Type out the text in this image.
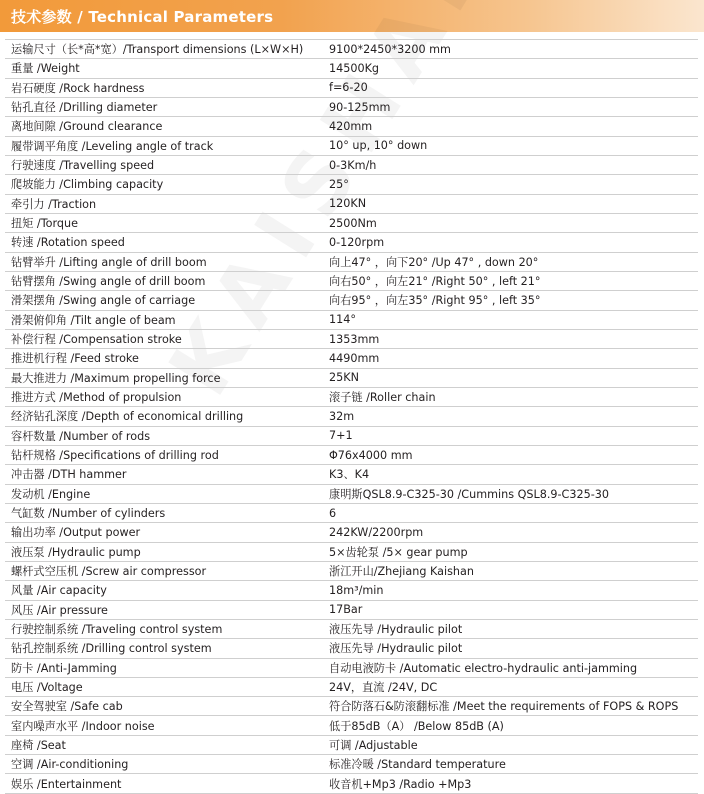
技术参数 / Technical Parameters
运输尺寸（长*高*宽）/Transport dimensions (L×W×H)	9100*2450*3200 mm
重量 /Weight	14500Kg
岩石硬度 /Rock hardness	f=6-20
钻孔直径 /Drilling diameter	90-125mm
离地间隙 /Ground clearance	420mm
履带调平角度 /Leveling angle of track	10° up, 10° down
行驶速度 /Travelling speed	0-3Km/h
爬坡能力 /Climbing capacity	25°
牵引力 /Traction	120KN
扭矩 /Torque	2500Nm
转速 /Rotation speed	0-120rpm
钻臂举升 /Lifting angle of drill boom	向上47° ，向下20° /Up 47° , down 20°
钻臂摆角 /Swing angle of drill boom	向右50° ，向左21° /Right 50° , left 21°
滑架摆角 /Swing angle of carriage	向右95° ，向左35° /Right 95° , left 35°
滑架俯仰角 /Tilt angle of beam	114°
补偿行程 /Compensation stroke	1353mm
推进机行程 /Feed stroke	4490mm
最大推进力 /Maximum propelling force	25KN
推进方式 /Method of propulsion	滚子链 /Roller chain
经济钻孔深度 /Depth of economical drilling	32m
容杆数量 /Number of rods	7+1
钻杆规格 /Specifications of drilling rod	Φ76x4000 mm
冲击器 /DTH hammer	K3、K4
发动机 /Engine	康明斯QSL8.9-C325-30 /Cummins QSL8.9-C325-30
气缸数 /Number of cylinders	6
输出功率 /Output power	242KW/2200rpm
液压泵 /Hydraulic pump	5×齿轮泵 /5× gear pump
螺杆式空压机 /Screw air compressor	浙江开山/Zhejiang Kaishan
风量 /Air capacity	18m³/min
风压 /Air pressure	17Bar
行驶控制系统 /Traveling control system	液压先导 /Hydraulic pilot
钻孔控制系统 /Drilling control system	液压先导 /Hydraulic pilot
防卡 /Anti-Jamming	自动电液防卡 /Automatic electro-hydraulic anti-jamming
电压 /Voltage	24V，直流 /24V, DC
安全驾驶室 /Safe cab	符合防落石&防滚翻标准 /Meet the requirements of FOPS & ROPS
室内噪声水平 /Indoor noise	低于85dB（A） /Below 85dB (A)
座椅 /Seat	可调 /Adjustable
空调 /Air-conditioning	标准冷暖 /Standard temperature
娱乐 /Entertainment	收音机+Mp3 /Radio +Mp3
